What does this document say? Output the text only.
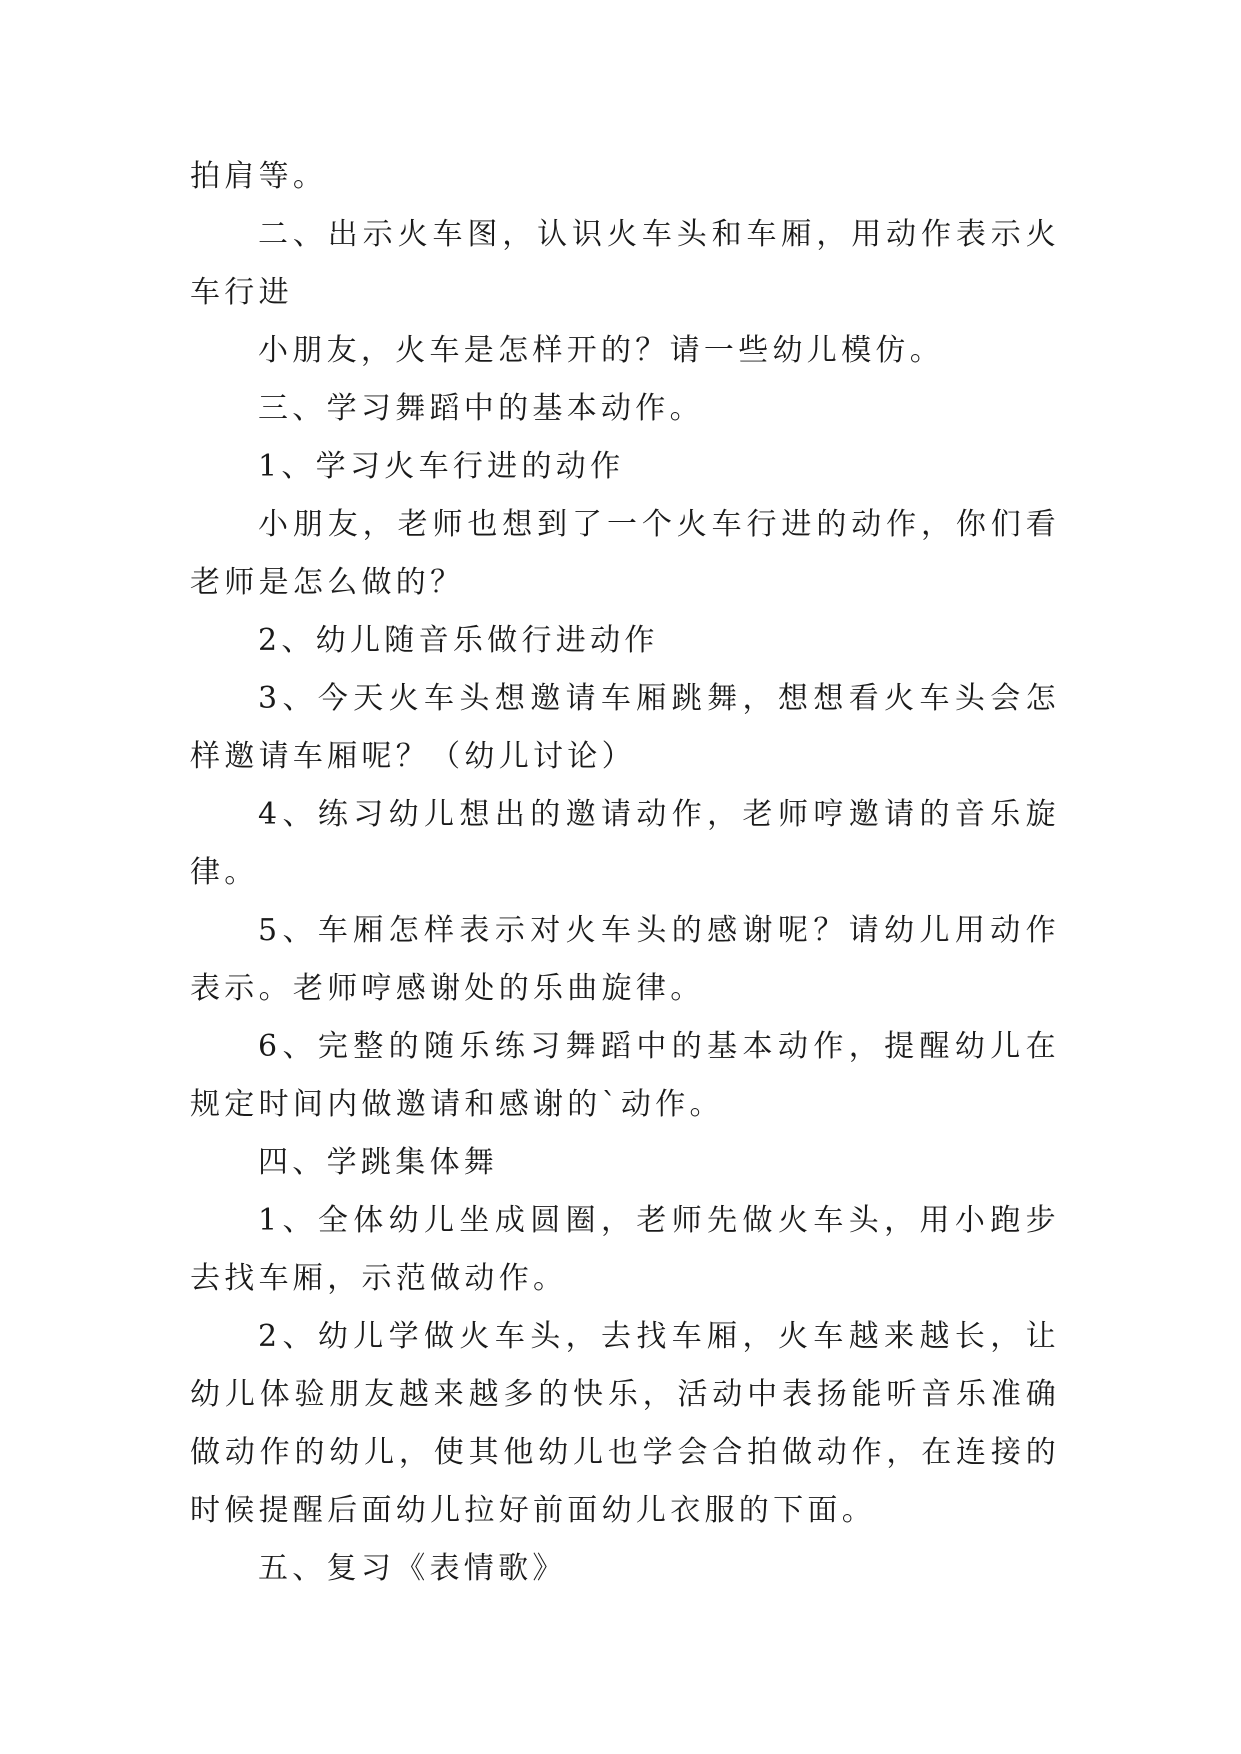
拍肩等。

二、出示火车图，认识火车头和车厢，用动作表示火车行进

小朋友，火车是怎样开的？请一些幼儿模仿。

三、学习舞蹈中的基本动作。

1、学习火车行进的动作

小朋友，老师也想到了一个火车行进的动作，你们看老师是怎么做的？

2、幼儿随音乐做行进动作

3、今天火车头想邀请车厢跳舞，想想看火车头会怎样邀请车厢呢？（幼儿讨论）

4、练习幼儿想出的邀请动作，老师哼邀请的音乐旋律。

5、车厢怎样表示对火车头的感谢呢？请幼儿用动作表示。老师哼感谢处的乐曲旋律。

6、完整的随乐练习舞蹈中的基本动作，提醒幼儿在规定时间内做邀请和感谢的`动作。

四、学跳集体舞

1、全体幼儿坐成圆圈，老师先做火车头，用小跑步去找车厢，示范做动作。

2、幼儿学做火车头，去找车厢，火车越来越长，让幼儿体验朋友越来越多的快乐，活动中表扬能听音乐准确做动作的幼儿，使其他幼儿也学会合拍做动作，在连接的时候提醒后面幼儿拉好前面幼儿衣服的下面。

五、复习《表情歌》
